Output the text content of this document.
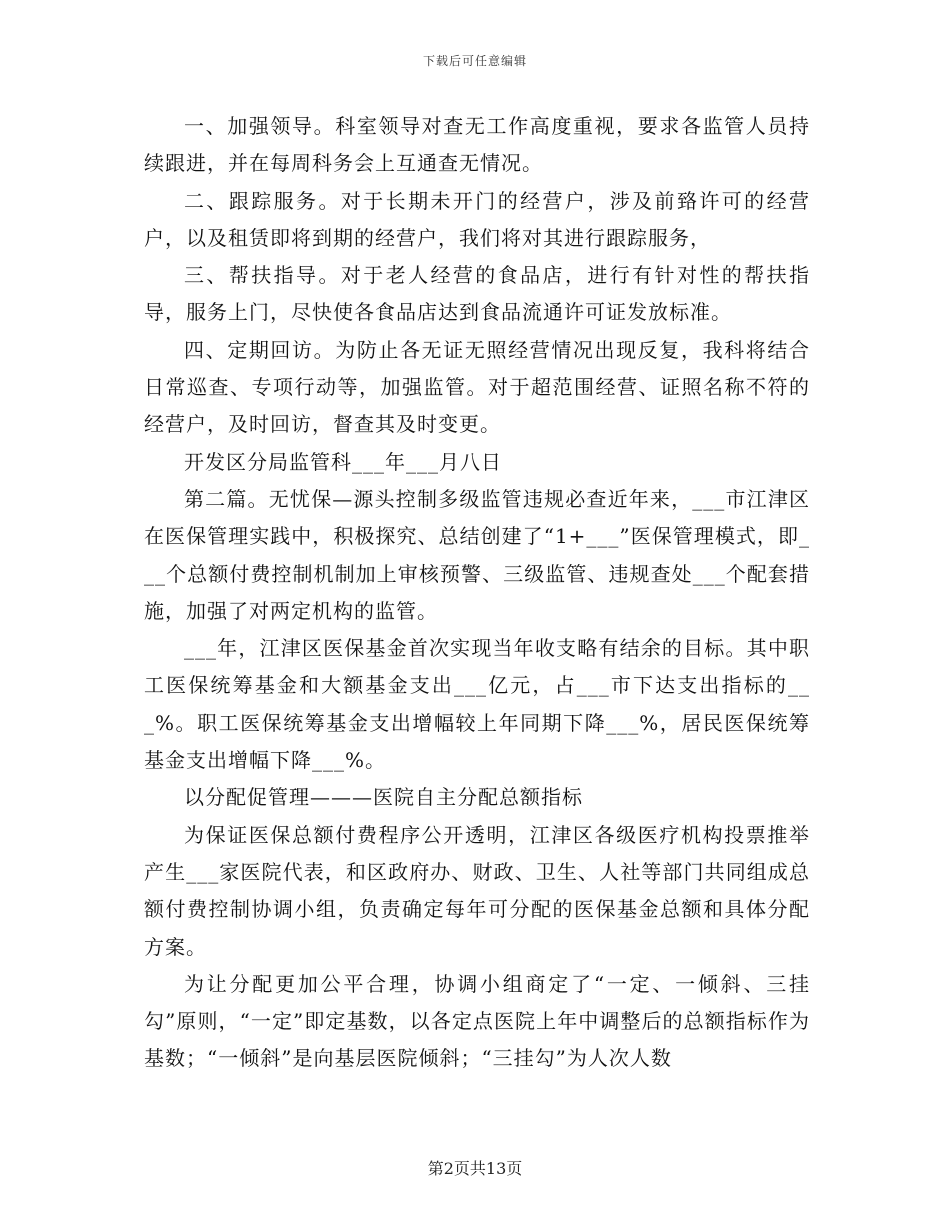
下载后可任意编辑

一、加强领导。科室领导对查无工作高度重视，要求各监管人员持续跟进，并在每周科务会上互通查无情况。

二、跟踪服务。对于长期未开门的经营户，涉及前臵许可的经营户，以及租赁即将到期的经营户，我们将对其进行跟踪服务，

三、帮扶指导。对于老人经营的食品店，进行有针对性的帮扶指导，服务上门，尽快使各食品店达到食品流通许可证发放标准。

四、定期回访。为防止各无证无照经营情况出现反复，我科将结合日常巡查、专项行动等，加强监管。对于超范围经营、证照名称不符的经营户，及时回访，督查其及时变更。

开发区分局监管科___年___月八日

第二篇。无忧保—源头控制多级监管违规必查近年来，___市江津区在医保管理实践中，积极探究、总结创建了“1+___”医保管理模式，即___个总额付费控制机制加上审核预警、三级监管、违规查处___个配套措施，加强了对两定机构的监管。

___年，江津区医保基金首次实现当年收支略有结余的目标。其中职工医保统筹基金和大额基金支出___亿元，占___市下达支出指标的___%。职工医保统筹基金支出增幅较上年同期下降___%，居民医保统筹基金支出增幅下降___%。

以分配促管理———医院自主分配总额指标

为保证医保总额付费程序公开透明，江津区各级医疗机构投票推举产生___家医院代表，和区政府办、财政、卫生、人社等部门共同组成总额付费控制协调小组，负责确定每年可分配的医保基金总额和具体分配方案。

为让分配更加公平合理，协调小组商定了“一定、一倾斜、三挂勾”原则，“一定”即定基数，以各定点医院上年中调整后的总额指标作为基数；“一倾斜”是向基层医院倾斜；“三挂勾”为人次人数

第2页共13页
